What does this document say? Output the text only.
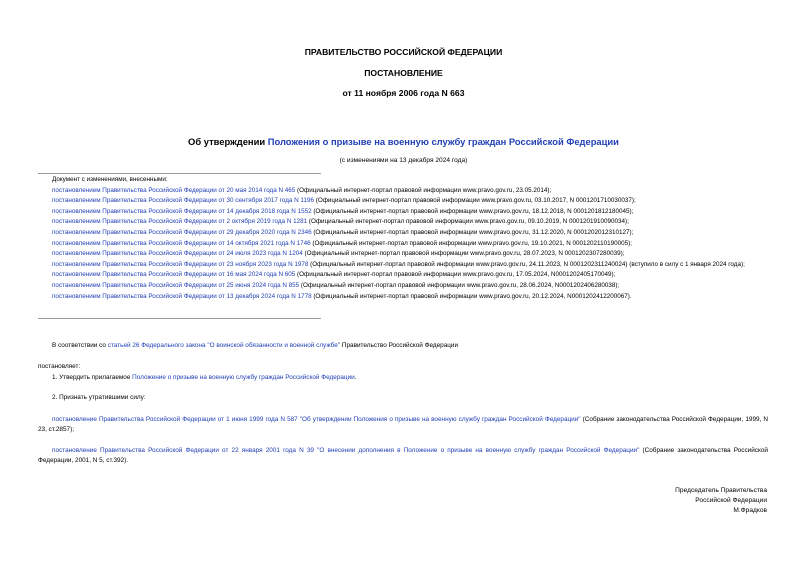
ПРАВИТЕЛЬСТВО РОССИЙСКОЙ ФЕДЕРАЦИИ
ПОСТАНОВЛЕНИЕ
от 11 ноября 2006 года N 663
Об утверждении Положения о призыве на военную службу граждан Российской Федерации
(с изменениями на 13 декабря 2024 года)
Документ с изменениями, внесенными:
постановлением Правительства Российской Федерации от 20 мая 2014 года N 465 (Официальный интернет-портал правовой информации www.pravo.gov.ru, 23.05.2014);
постановлением Правительства Российской Федерации от 30 сентября 2017 года N 1196 (Официальный интернет-портал правовой информации www.pravo.gov.ru, 03.10.2017, N 0001201710030037);
постановлением Правительства Российской Федерации от 14 декабря 2018 года N 1552 (Официальный интернет-портал правовой информации www.pravo.gov.ru, 18.12.2018, N 0001201812180045);
постановлением Правительства Российской Федерации от 2 октября 2019 года N 1281 (Официальный интернет-портал правовой информации www.pravo.gov.ru, 09.10.2019, N 0001201910090034);
постановлением Правительства Российской Федерации от 29 декабря 2020 года N 2346 (Официальный интернет-портал правовой информации www.pravo.gov.ru, 31.12.2020, N 0001202012310127);
постановлением Правительства Российской Федерации от 14 октября 2021 года N 1746 (Официальный интернет-портал правовой информации www.pravo.gov.ru, 19.10.2021, N 0001202110190005);
постановлением Правительства Российской Федерации от 24 июля 2023 года N 1204 (Официальный интернет-портал правовой информации www.pravo.gov.ru, 28.07.2023, N 0001202307280039);
постановлением Правительства Российской Федерации от 23 ноября 2023 года N 1978 (Официальный интернет-портал правовой информации www.pravo.gov.ru, 24.11.2023, N 0001202311240024) (вступило в силу с 1 января 2024 года);
постановлением Правительства Российской Федерации от 16 мая 2024 года N 605 (Официальный интернет-портал правовой информации www.pravo.gov.ru, 17.05.2024, N0001202405170049);
постановлением Правительства Российской Федерации от 25 июня 2024 года N 855 (Официальный интернет-портал правовой информации www.pravo.gov.ru, 28.06.2024, N0001202406280038);
постановлением Правительства Российской Федерации от 13 декабря 2024 года N 1778 (Официальный интернет-портал правовой информации www.pravo.gov.ru, 20.12.2024, N0001202412200067).
В соответствии со статьей 26 Федерального закона "О воинской обязанности и военной службе" Правительство Российской Федерации
постановляет:
1. Утвердить прилагаемое Положение о призыве на военную службу граждан Российской Федерации.
2. Признать утратившими силу:
постановление Правительства Российской Федерации от 1 июня 1999 года N 587 "Об утверждении Положения о призыве на военную службу граждан Российской Федерации" (Собрание законодательства Российской Федерации, 1999, N 23, ст.2857);
постановление Правительства Российской Федерации от 22 января 2001 года N 39 "О внесении дополнения в Положение о призыве на военную службу граждан Российской Федерации" (Собрание законодательства Российской Федерации, 2001, N 5, ст.392).
Председатель Правительства
Российской Федерации
М.Фрадков
